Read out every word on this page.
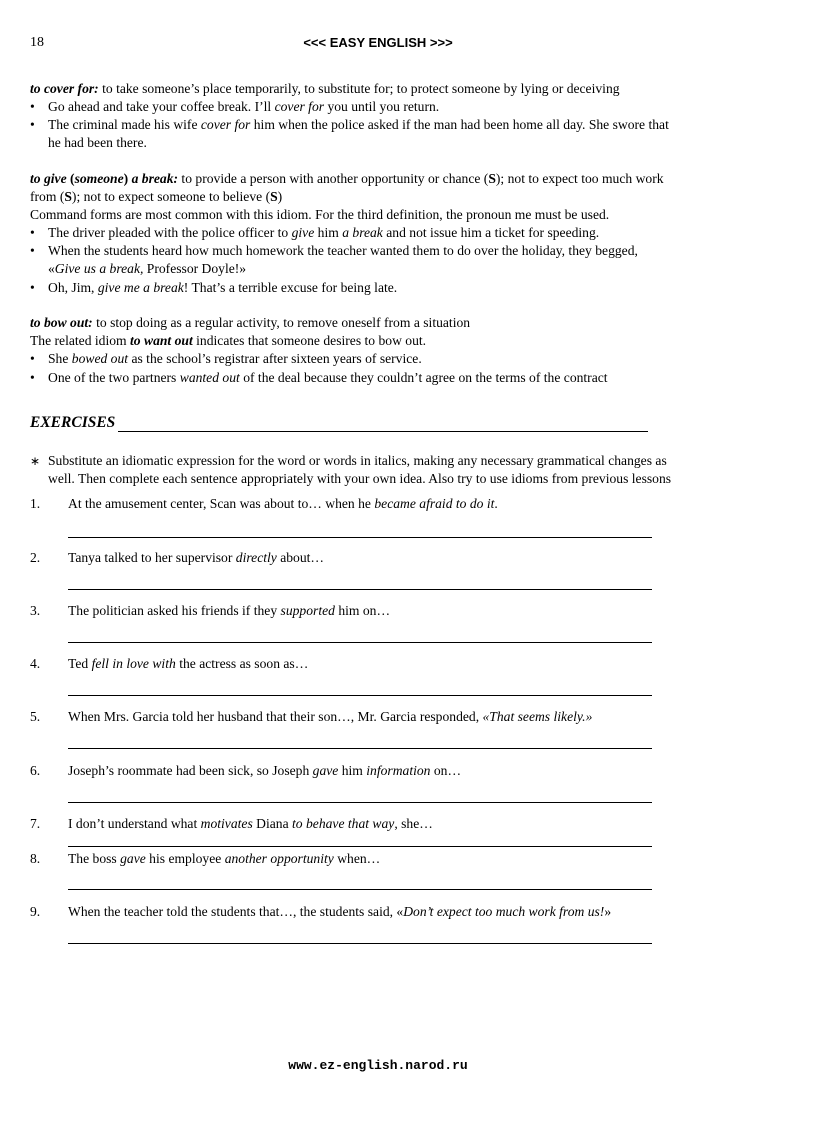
18	<<< EASY ENGLISH >>>
to cover for: to take someone’s place temporarily, to substitute for; to protect someone by lying or deceiving
• Go ahead and take your coffee break. I’ll cover for you until you return.
• The criminal made his wife cover for him when the police asked if the man had been home all day. She swore that
he had been there.
to give (someone) a break: to provide a person with another opportunity or chance (S); not to expect too much work
from (S); not to expect someone to believe (S)
Command forms are most common with this idiom. For the third definition, the pronoun me must be used.
• The driver pleaded with the police officer to give him a break and not issue him a ticket for speeding.
• When the students heard how much homework the teacher wanted them to do over the holiday, they begged,
«Give us a break, Professor Doyle!»
• Oh, Jim, give me a break! That’s a terrible excuse for being late.
to bow out: to stop doing as a regular activity, to remove oneself from a situation
The related idiom to want out indicates that someone desires to bow out.
• She bowed out as the school’s registrar after sixteen years of service.
• One of the two partners wanted out of the deal because they couldn’t agree on the terms of the contract
EXERCISES
∗ Substitute an idiomatic expression for the word or words in italics, making any necessary grammatical changes as
well. Then complete each sentence appropriately with your own idea. Also try to use idioms from previous lessons
1.	At the amusement center, Scan was about to… when he became afraid to do it.
2.	Tanya talked to her supervisor directly about…
3.	The politician asked his friends if they supported him on…
4.	Ted fell in love with the actress as soon as…
5.	When Mrs. Garcia told her husband that their son…, Mr. Garcia responded, «That seems likely.»
6.	Joseph’s roommate had been sick, so Joseph gave him information on…
7.	I don’t understand what motivates Diana to behave that way, she…
8.	The boss gave his employee another opportunity when…
9.	When the teacher told the students that…, the students said, «Don’t expect too much work from us!»
www.ez-english.narod.ru
